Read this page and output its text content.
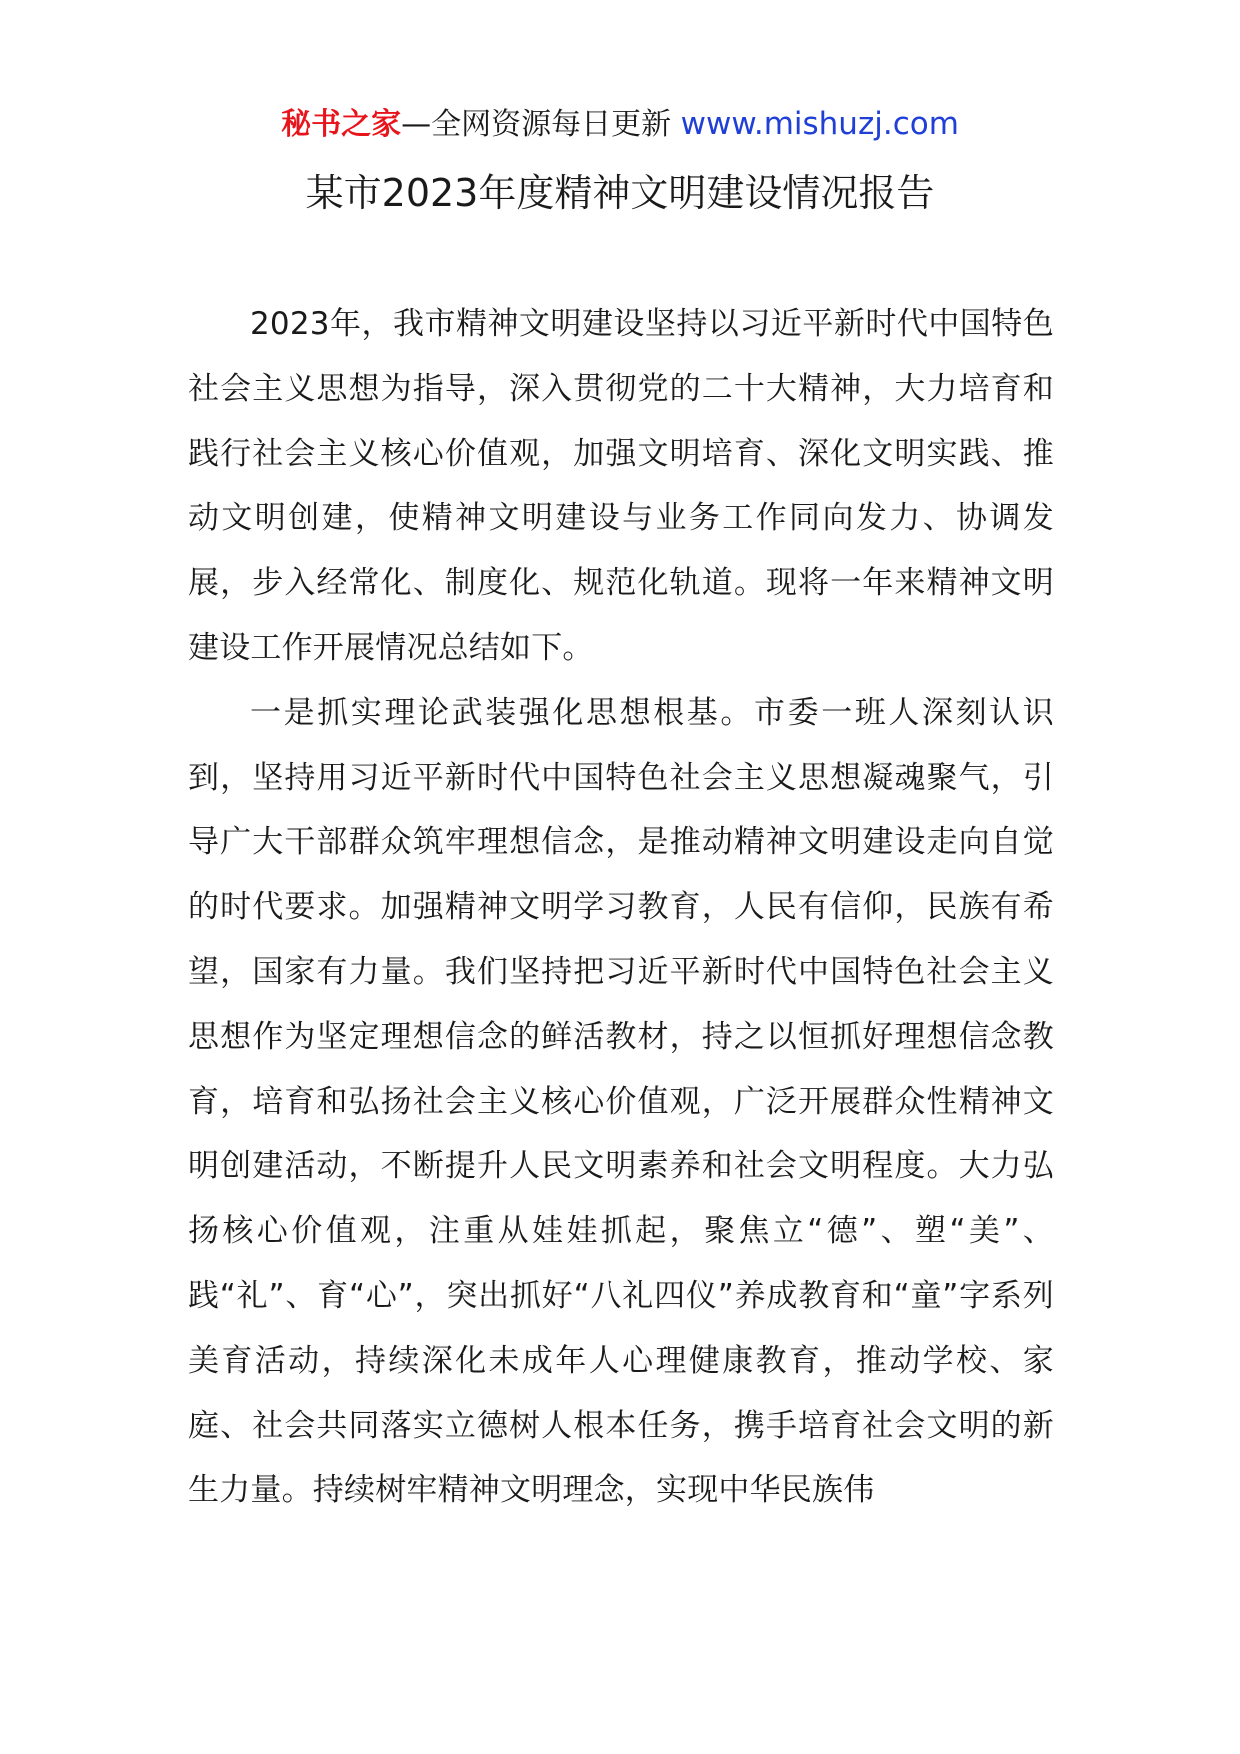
秘书之家—全网资源每日更新 www.mishuzj.com
某市2023年度精神文明建设情况报告

2023年，我市精神文明建设坚持以习近平新时代中国特色社会主义思想为指导，深入贯彻党的二十大精神，大力培育和践行社会主义核心价值观，加强文明培育、深化文明实践、推动文明创建，使精神文明建设与业务工作同向发力、协调发展，步入经常化、制度化、规范化轨道。现将一年来精神文明建设工作开展情况总结如下。

一是抓实理论武装强化思想根基。市委一班人深刻认识到，坚持用习近平新时代中国特色社会主义思想凝魂聚气，引导广大干部群众筑牢理想信念，是推动精神文明建设走向自觉的时代要求。加强精神文明学习教育，人民有信仰，民族有希望，国家有力量。我们坚持把习近平新时代中国特色社会主义思想作为坚定理想信念的鲜活教材，持之以恒抓好理想信念教育，培育和弘扬社会主义核心价值观，广泛开展群众性精神文明创建活动，不断提升人民文明素养和社会文明程度。大力弘扬核心价值观，注重从娃娃抓起，聚焦立“德”、塑“美”、践“礼”、育“心”，突出抓好“八礼四仪”养成教育和“童”字系列美育活动，持续深化未成年人心理健康教育，推动学校、家庭、社会共同落实立德树人根本任务，携手培育社会文明的新生力量。持续树牢精神文明理念，实现中华民族伟
